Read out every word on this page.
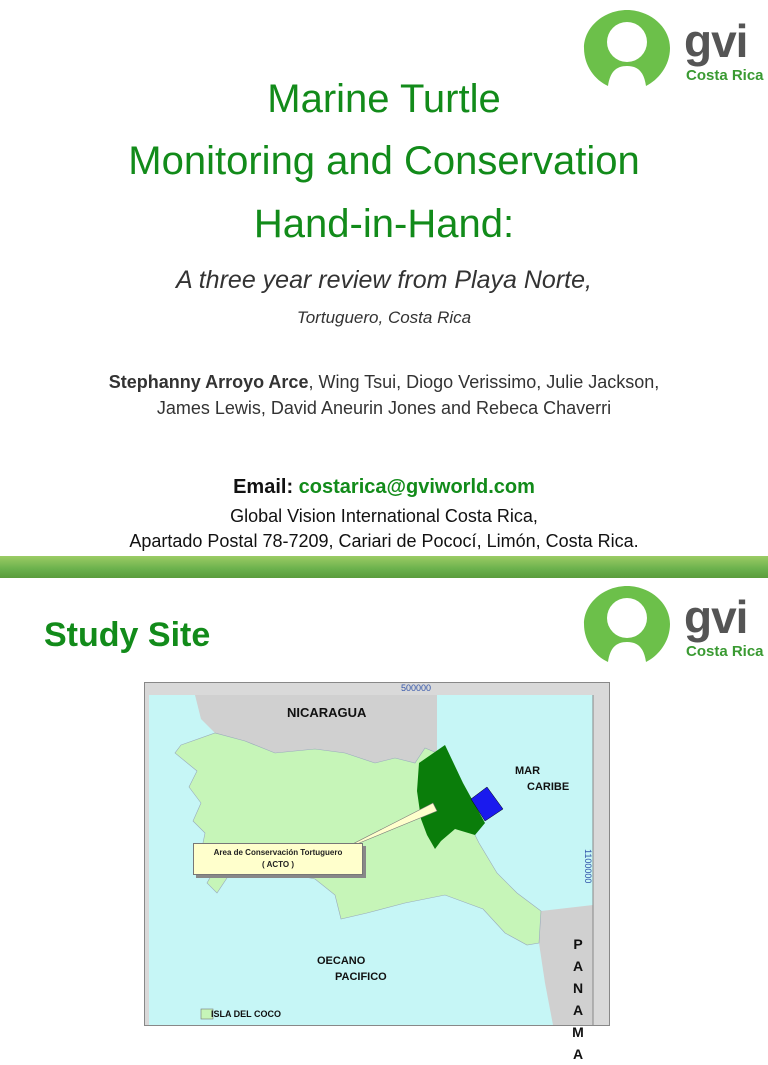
gvi
Costa Rica
Marine Turtle
Monitoring and Conservation
Hand-in-Hand:
A three year review from Playa Norte,
Tortuguero, Costa Rica
Stephanny Arroyo Arce, Wing Tsui, Diogo Verissimo, Julie Jackson,
James Lewis, David Aneurin Jones and Rebeca Chaverri
Email: costarica@gviworld.com
Global Vision International Costa Rica,
Apartado Postal 78-7209, Cariari de Pococí, Limón, Costa Rica.
gvi
Costa Rica
Study Site
500000
1100000
NICARAGUA
MAR
CARIBE
Area de Conservación Tortuguero
( ACTO )
OECANO
PACIFICO
ISLA DEL COCO
P
A
N
A
M
A
